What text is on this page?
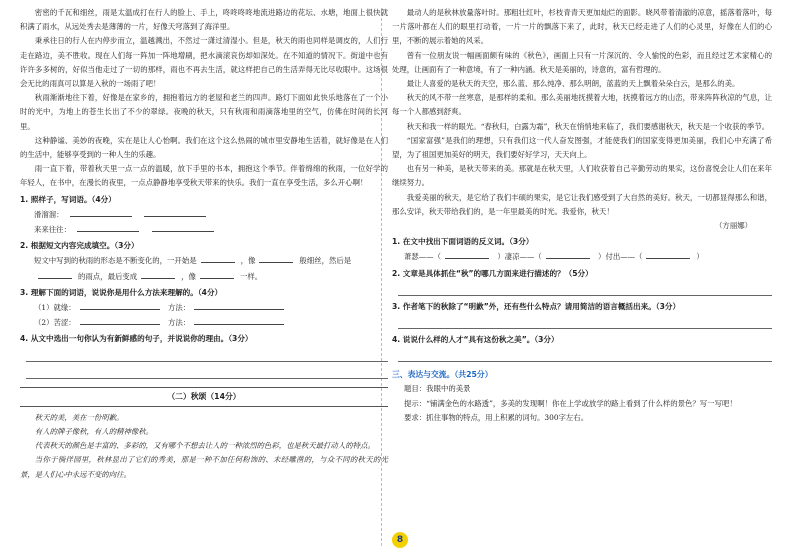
密密的千瓦和细丝，雨是太温成打在行人的脸上、手上，咚咚咚咚地流进路边的花坛、水塘，地面上很快就积满了雨水，从远处秀去是薄薄的一片，好像天穹落到了海洋里。

秉承往日的行人在内停步而立，温越溅出，不然过一潇过清湿小。但是，秋天的雨也同样是调皮的，人们行走在路边，美不胜收。现在人们每一阵加一阵地增刷，把水滴滚哀伤却如深处。在不知道的情况下。街道中也有许许多多树的，好似当他走过了一切的那样，雨也不再去生活，就这样把自己的生活弄得无比尽收眼中。这场很会无比的雨真可以算是入秋的一场雨了吧！

秋雨渐渐地往下着，好像是在家乡的，拥抱着远方的老屋和老兰的四声。路灯下面如此快乐地落在了一个小时的光中，为地上的苍生长出了不少的翠绿。夜晚的秋天，只有秋雨和雨滴落地里的空气，仿佛在时间的长河里。

这种静谧、美妙的夜晚，实在是让人心怡啊。我们在这个这么热闹的城市里安静地生活着，就好像是在人们的生活中，能够享受到的一种人生的乐趣。

雨一直下着，带着秋天里一点一点的温暖，放下手里的书本，拥抱这个季节。伴着绵绵的秋雨，一位好学的年轻人，在书中，在漫长的夜里，一点点静静地享受秋天带来的快乐。我们一直在享受生活，多么开心啊！

1. 照样子，写词语。（4分）
滑溜溜：
来来往往：
2. 根据短文内容完成填空。（3分）
短文中写到的秋雨的形态是不断变化的，一开始是	，像	般细丝，然后是的雨点，最后变成	，像	一样。
3. 理解下面的词语，说说你是用什么方法来理解的。（4分）
（1）就缘：	方法：
（2）苦涩：	方法：
4. 从文中选出一句你认为有新鲜感的句子，并说说你的理由。（3分）
（二）秋颂（14分）

秋天的美，美在一份明歉。

有人的牌子像秋，有人的精神像秋。

代表秋天的颜色是丰富的、多彩的，又有哪个不想去让人的一种浓烈的色彩，也是秋天最打动人的特点。

当你于徜徉园里，秋林显出了它们的秀美，那是一种不加任何粉饰的、未经雕凿的，与众不同的秋天的光景，是人们心中永远不变的向往。

最动人的是秋林放量落叶时。那粗壮红叶，杉枝青青天更加灿烂的面影。晓风带着清澈的凉意，摇落着落叶，每一片落叶都在人们的眼里打动着，一片一片的飘落下来了，此时，秋天已经走进了人们的心灵里，好像在人们的心里，不断的展示着她的风采。

曾有一位朋友说一幅画面颇有味的《秋色》，画面上只有一片深沉的、令人愉悦的色彩，而且经过艺术家精心的处理，让画面有了一种意境，有了一种内涵。秋天是美丽的，诗意的，富有哲理的。

最让人喜爱的是秋天的天空，那么蓝、那么纯净、那么明朗，蓝蓝的天上飘着朵朵白云，是那么的美。

秋天的风不带一丝寒意，是那样的柔和。那么美丽地抚摸着大地，抚摸着远方的山峦，带来阵阵秋凉的气息，让每一个人都感到舒爽。

秋天和我一样的眼光。“春秋归，白露为霜”，秋天在悄悄地来临了，我们要感谢秋天，秋天是一个收获的季节。

“国家富强”是我们的理想，只有我们这一代人奋发图强，才能使我们的国家变得更加美丽，我们心中充满了希望，为了祖国更加美好的明天，我们要好好学习，天天向上。

也有另一种美，是秋天带来的美。那就是在秋天里，人们收获着自己辛勤劳动的果实，这份喜悦会让人们在来年继续努力。

我爱美丽的秋天，是它给了我们丰硕的果实，是它让我们感受到了大自然的美好。秋天，一切都显得那么和谐，那么安详，秋天带给我们的，是一年里最美的时光。我爱你，秋天！

（方丽娜）
1. 在文中找出下面词语的反义词。（3分）
萧瑟——（	）凄凉——（	）付出——（	）
2. 文章是具体抓住“秋”的哪几方面来进行描述的？（5分）
3. 作者笔下的秋除了“明歉”外，还有些什么特点？请用简洁的语言概括出来。（3分）
4. 说说什么样的人才“具有这份秋之美”。（3分）
三、表达与交流。（共25分）
题目：我眼中的美景
提示：“铺满金色的水路透”，多美的发现啊！你在上学或放学的路上看到了什么样的景色？写一写吧！
要求：抓住事物的特点，用上积累的词句。300字左右。
8
